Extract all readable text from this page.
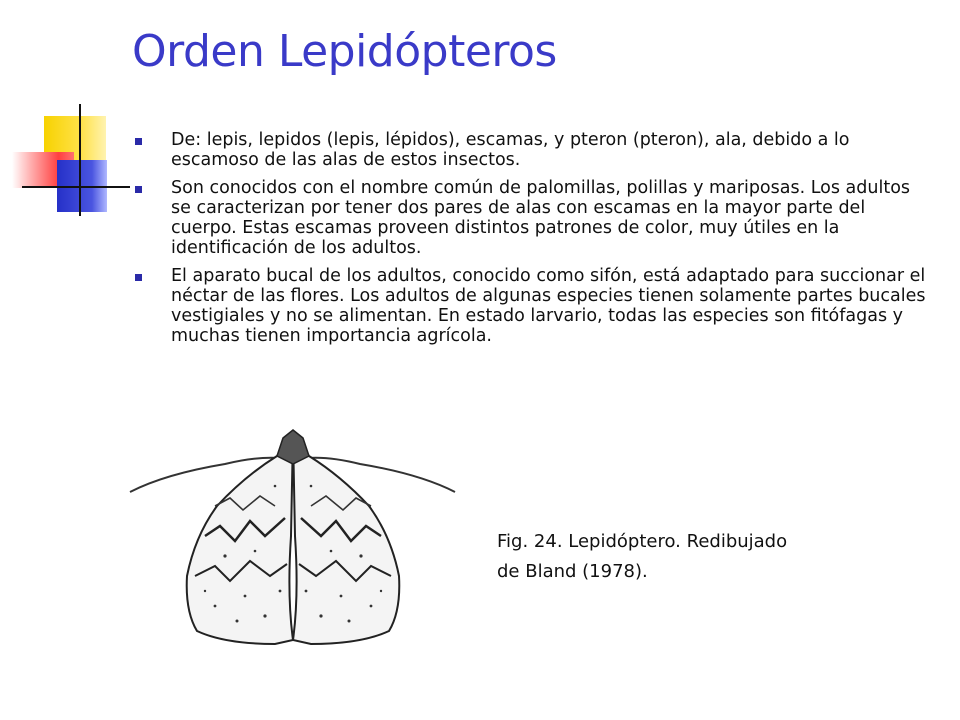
Orden Lepidópteros
De: lepis, lepidos (lepis, lépidos), escamas, y pteron (pteron), ala, debido a lo escamoso de las alas de estos insectos.
Son conocidos con el nombre común de palomillas, polillas y mariposas. Los adultos se caracterizan por tener dos pares de alas con escamas en la mayor parte del cuerpo. Estas escamas proveen distintos patrones de color, muy útiles en la identificación de los adultos.
El aparato bucal de los adultos, conocido como sifón, está adaptado para succionar el néctar de las flores. Los adultos de algunas especies tienen solamente partes bucales vestigiales y no se alimentan. En estado larvario, todas las especies son fitófagas y muchas tienen importancia agrícola.
Fig. 24. Lepidóptero. Redibujado
de Bland (1978).
